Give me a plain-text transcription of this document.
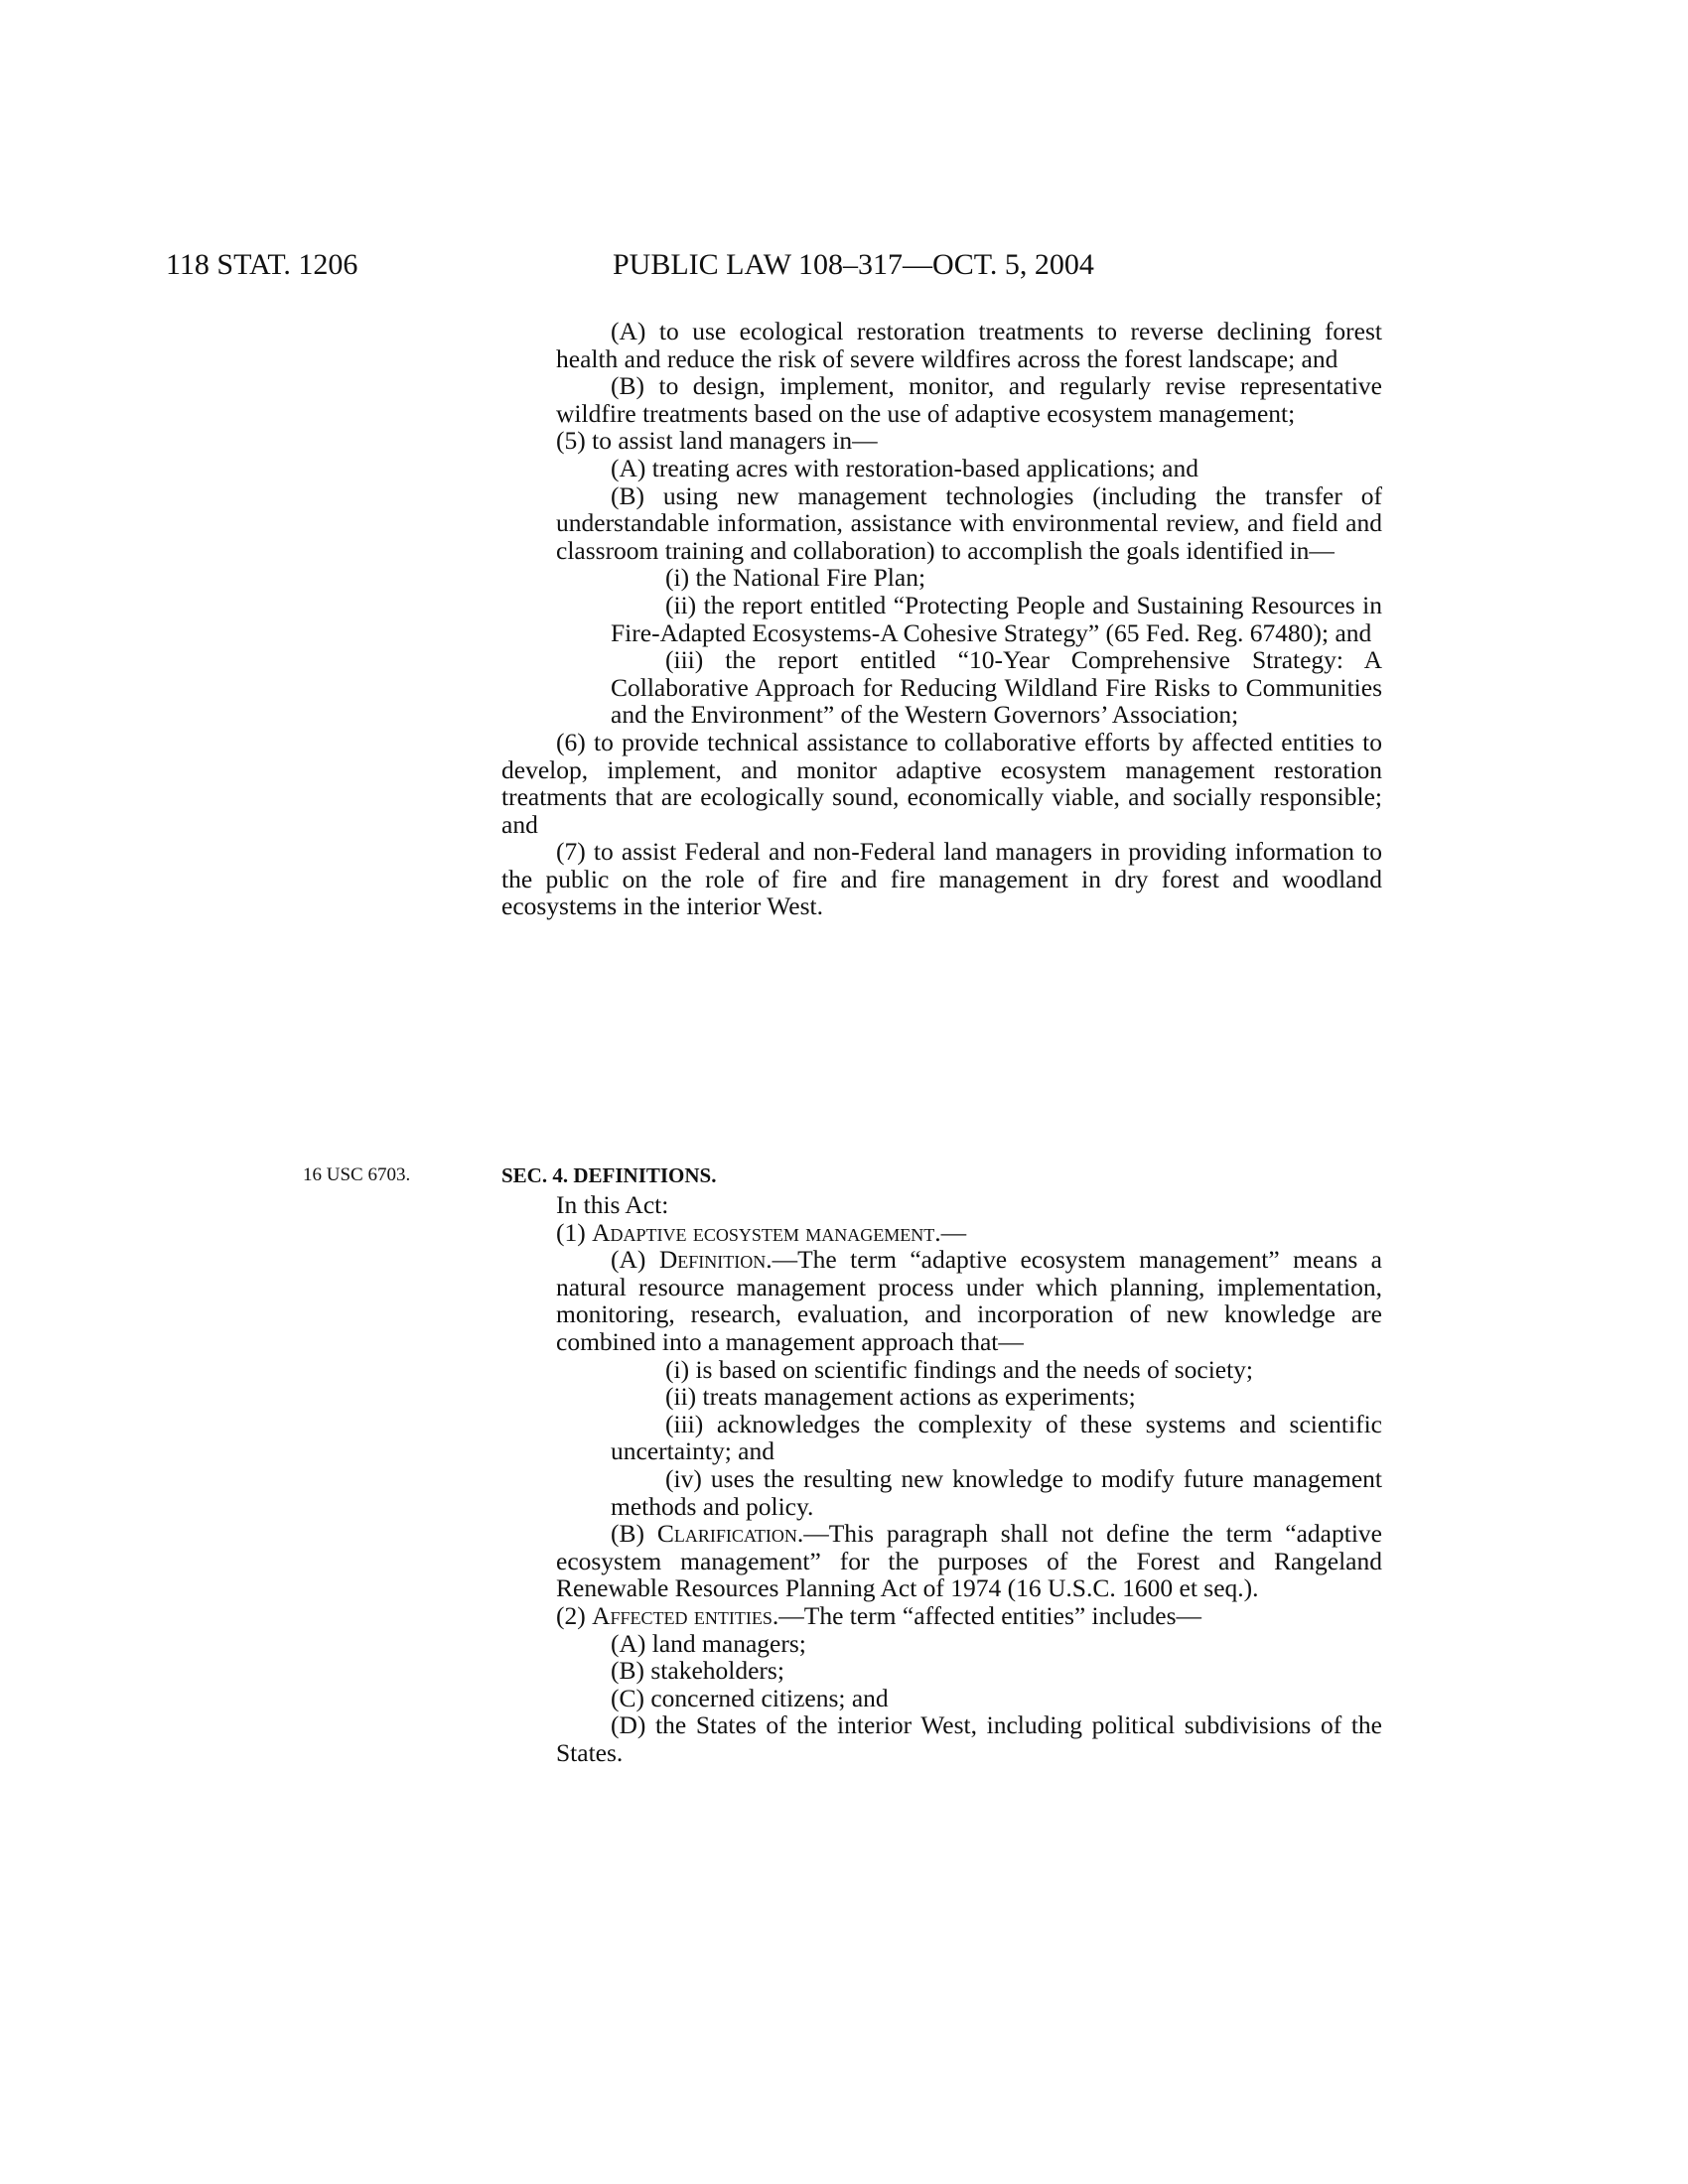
118 STAT. 1206	PUBLIC LAW 108–317—OCT. 5, 2004

(A) to use ecological restoration treatments to reverse declining forest health and reduce the risk of severe wildfires across the forest landscape; and

(B) to design, implement, monitor, and regularly revise representative wildfire treatments based on the use of adaptive ecosystem management;

(5) to assist land managers in—

(A) treating acres with restoration-based applications; and

(B) using new management technologies (including the transfer of understandable information, assistance with environmental review, and field and classroom training and collaboration) to accomplish the goals identified in—

(i) the National Fire Plan;

(ii) the report entitled “Protecting People and Sustaining Resources in Fire-Adapted Ecosystems-A Cohesive Strategy” (65 Fed. Reg. 67480); and

(iii) the report entitled “10-Year Comprehensive Strategy: A Collaborative Approach for Reducing Wildland Fire Risks to Communities and the Environment” of the Western Governors’ Association;

(6) to provide technical assistance to collaborative efforts by affected entities to develop, implement, and monitor adaptive ecosystem management restoration treatments that are ecologically sound, economically viable, and socially responsible; and

(7) to assist Federal and non-Federal land managers in providing information to the public on the role of fire and fire management in dry forest and woodland ecosystems in the interior West.

16 USC 6703.	SEC. 4. DEFINITIONS.

In this Act:

(1) Adaptive ecosystem management.—

(A) Definition.—The term “adaptive ecosystem management” means a natural resource management process under which planning, implementation, monitoring, research, evaluation, and incorporation of new knowledge are combined into a management approach that—

(i) is based on scientific findings and the needs of society;

(ii) treats management actions as experiments;

(iii) acknowledges the complexity of these systems and scientific uncertainty; and

(iv) uses the resulting new knowledge to modify future management methods and policy.

(B) Clarification.—This paragraph shall not define the term “adaptive ecosystem management” for the purposes of the Forest and Rangeland Renewable Resources Planning Act of 1974 (16 U.S.C. 1600 et seq.).

(2) Affected entities.—The term “affected entities” includes—

(A) land managers;

(B) stakeholders;

(C) concerned citizens; and

(D) the States of the interior West, including political subdivisions of the States.
